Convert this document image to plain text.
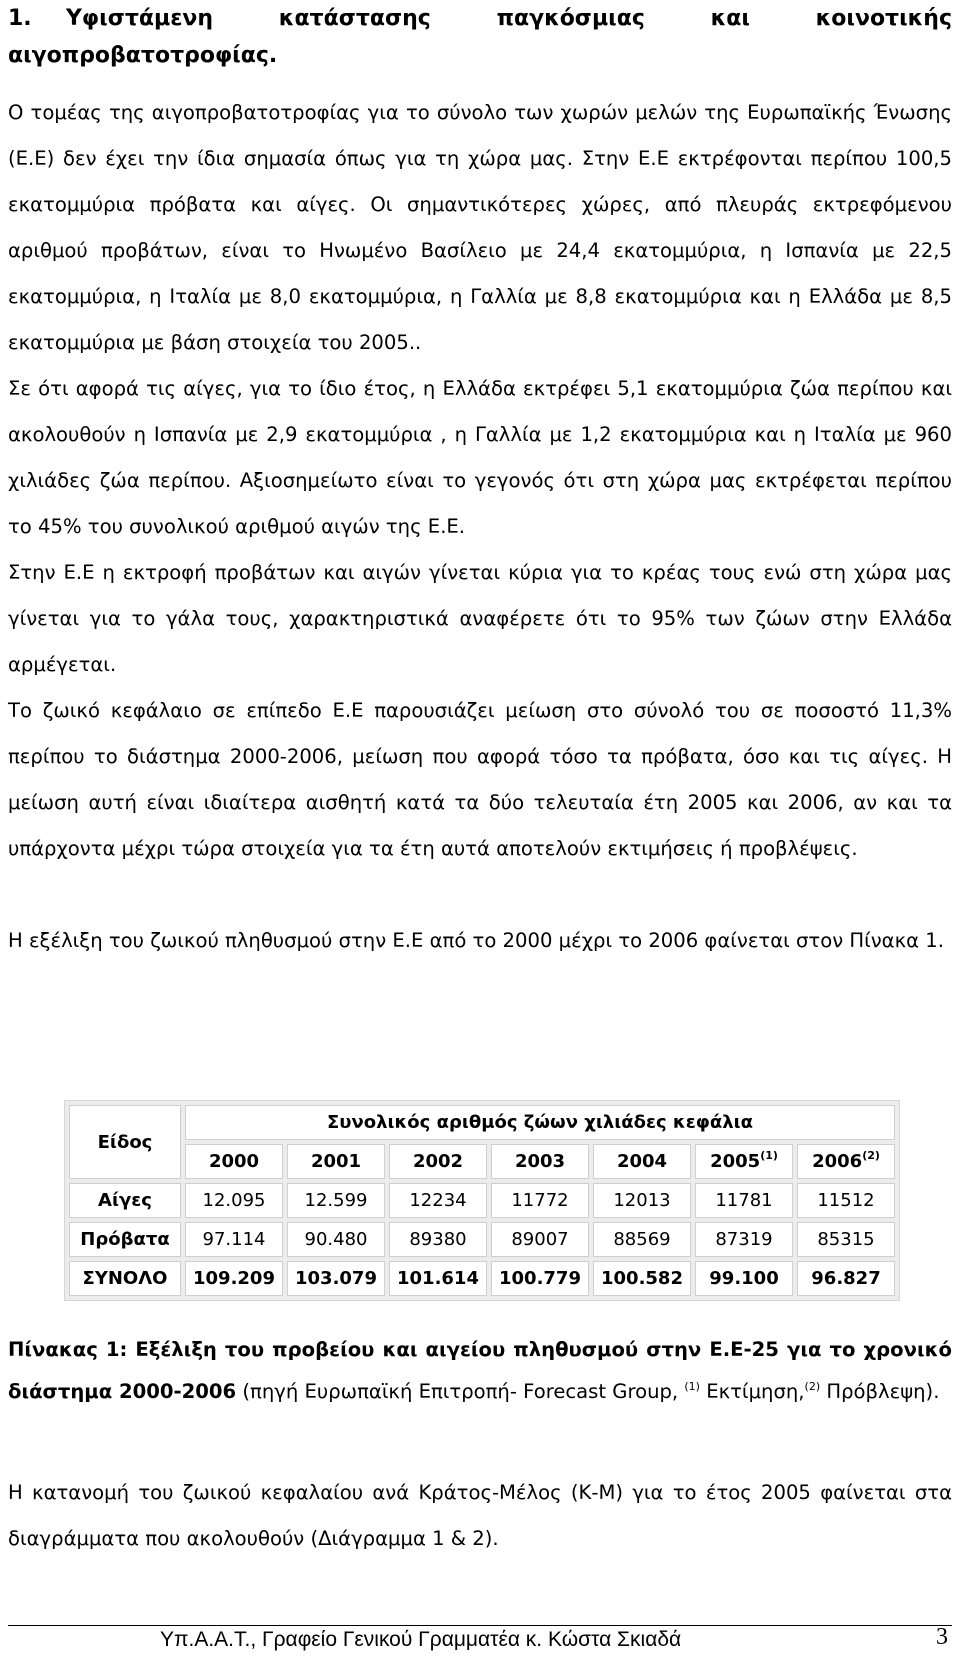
1. Υφιστάμενη κατάστασης παγκόσμιας και κοινοτικής αιγοπροβατοτροφίας.

Ο τομέας της αιγοπροβατοτροφίας για το σύνολο των χωρών μελών της Ευρωπαϊκής Ένωσης (Ε.Ε) δεν έχει την ίδια σημασία όπως για τη χώρα μας. Στην Ε.Ε εκτρέφονται περίπου 100,5 εκατομμύρια πρόβατα και αίγες. Οι σημαντικότερες χώρες, από πλευράς εκτρεφόμενου αριθμού προβάτων, είναι το Ηνωμένο Βασίλειο με 24,4 εκατομμύρια, η Ισπανία με 22,5 εκατομμύρια, η Ιταλία με 8,0 εκατομμύρια, η Γαλλία με 8,8 εκατομμύρια και η Ελλάδα με 8,5 εκατομμύρια με βάση στοιχεία του 2005..

Σε ότι αφορά τις αίγες, για το ίδιο έτος, η Ελλάδα εκτρέφει 5,1 εκατομμύρια ζώα περίπου και ακολουθούν η Ισπανία με 2,9 εκατομμύρια , η Γαλλία με 1,2 εκατομμύρια και η Ιταλία με 960 χιλιάδες ζώα περίπου. Αξιοσημείωτο είναι το γεγονός ότι στη χώρα μας εκτρέφεται περίπου το 45% του συνολικού αριθμού αιγών της Ε.Ε.

Στην Ε.Ε η εκτροφή προβάτων και αιγών γίνεται κύρια για το κρέας τους ενώ στη χώρα μας γίνεται για το γάλα τους, χαρακτηριστικά αναφέρετε ότι το 95% των ζώων στην Ελλάδα αρμέγεται.

Το ζωικό κεφάλαιο σε επίπεδο Ε.Ε παρουσιάζει μείωση στο σύνολό του σε ποσοστό 11,3% περίπου το διάστημα 2000-2006, μείωση που αφορά τόσο τα πρόβατα, όσο και τις αίγες. Η μείωση αυτή είναι ιδιαίτερα αισθητή κατά τα δύο τελευταία έτη 2005 και 2006, αν και τα υπάρχοντα μέχρι τώρα στοιχεία για τα έτη αυτά αποτελούν εκτιμήσεις ή προβλέψεις.

Η εξέλιξη του ζωικού πληθυσμού στην Ε.Ε από το 2000 μέχρι το 2006 φαίνεται στον Πίνακα 1.

Είδος	Συνολικός αριθμός ζώων χιλιάδες κεφάλια						
	2000	2001	2002	2003	2004	2005$^{(1)}$	2006$^{(2)}$
Αίγες	12.095	12.599	12234	11772	12013	11781	11512
Πρόβατα	97.114	90.480	89380	89007	88569	87319	85315
ΣΥΝΟΛΟ	109.209	103.079	101.614	100.779	100.582	99.100	96.827

Πίνακας 1: Εξέλιξη του προβείου και αιγείου πληθυσμού στην Ε.Ε-25 για το χρονικό διάστημα 2000-2006 (πηγή Ευρωπαϊκή Επιτροπή- Forecast Group, $^{(1)}$ Εκτίμηση,$^{(2)}$ Πρόβλεψη).

Η κατανομή του ζωικού κεφαλαίου ανά Κράτος-Μέλος (Κ-Μ) για το έτος 2005 φαίνεται στα διαγράμματα που ακολουθούν (Διάγραμμα 1 & 2).

Υπ.Α.Α.Τ., Γραφείο Γενικού Γραμματέα κ. Κώστα Σκιαδά	3
